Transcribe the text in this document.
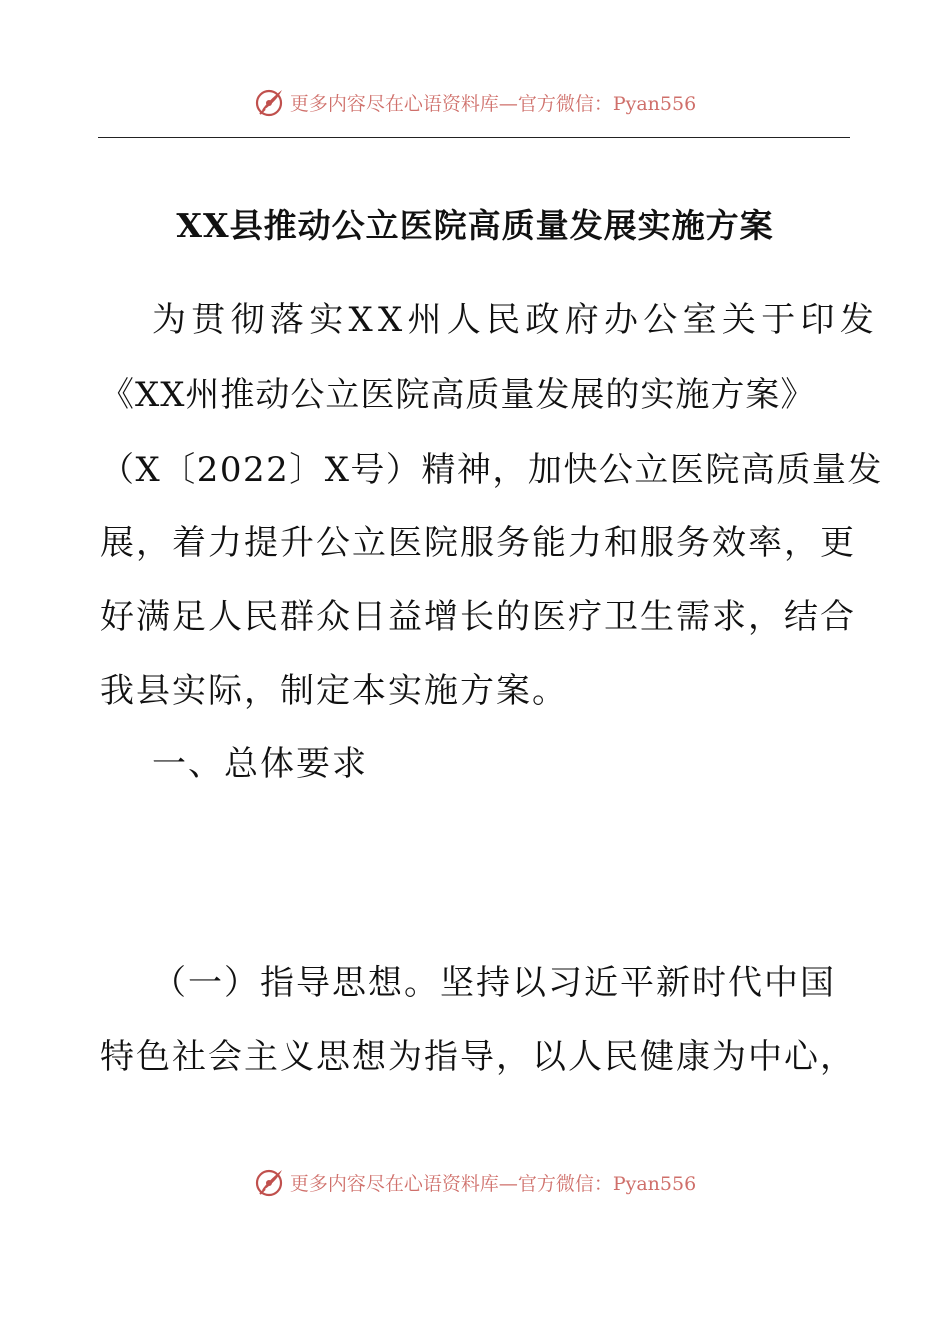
更多内容尽在心语资料库—官方微信：Pyan556
XX县推动公立医院高质量发展实施方案
为贯彻落实XX州人民政府办公室关于印发
《XX州推动公立医院高质量发展的实施方案》
（X〔2022〕X号）精神，加快公立医院高质量发
展，着力提升公立医院服务能力和服务效率，更
好满足人民群众日益增长的医疗卫生需求，结合
我县实际，制定本实施方案。
一、总体要求
（一）指导思想。坚持以习近平新时代中国
特色社会主义思想为指导，以人民健康为中心，
更多内容尽在心语资料库—官方微信：Pyan556
